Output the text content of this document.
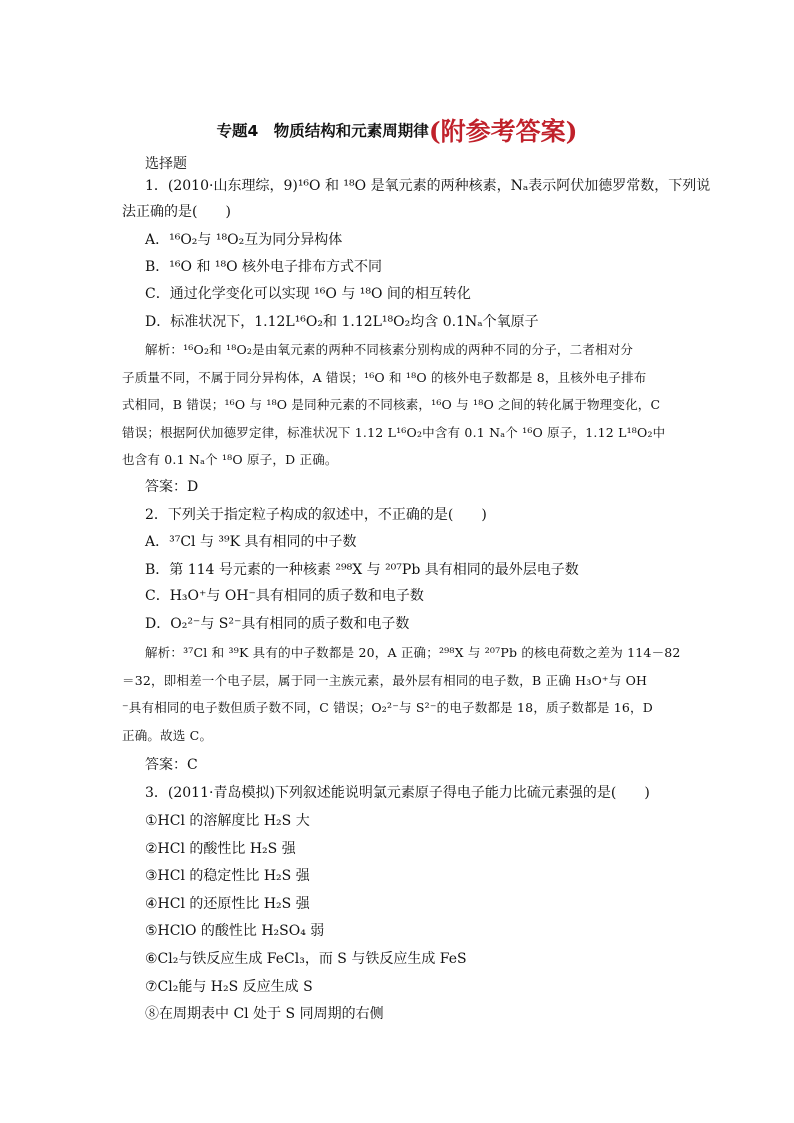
专题4　物质结构和元素周期律(附参考答案)
选择题
1．(2010·山东理综，9)¹⁶O 和 ¹⁸O 是氧元素的两种核素，Nₐ表示阿伏加德罗常数，下列说
法正确的是(　　)
A．¹⁶O₂与 ¹⁸O₂互为同分异构体
B．¹⁶O 和 ¹⁸O 核外电子排布方式不同
C．通过化学变化可以实现 ¹⁶O 与 ¹⁸O 间的相互转化
D．标准状况下，1.12L¹⁶O₂和 1.12L¹⁸O₂均含 0.1Nₐ个氧原子
解析：¹⁶O₂和 ¹⁸O₂是由氧元素的两种不同核素分别构成的两种不同的分子，二者相对分
子质量不同，不属于同分异构体，A 错误；¹⁶O 和 ¹⁸O 的核外电子数都是 8，且核外电子排布
式相同，B 错误；¹⁶O 与 ¹⁸O 是同种元素的不同核素，¹⁶O 与 ¹⁸O 之间的转化属于物理变化，C
错误；根据阿伏加德罗定律，标准状况下 1.12 L¹⁶O₂中含有 0.1 Nₐ个 ¹⁶O 原子，1.12 L¹⁸O₂中
也含有 0.1 Nₐ个 ¹⁸O 原子，D 正确。
答案：D
2．下列关于指定粒子构成的叙述中，不正确的是(　　)
A．³⁷Cl 与 ³⁹K 具有相同的中子数
B．第 114 号元素的一种核素 ²⁹⁸X 与 ²⁰⁷Pb 具有相同的最外层电子数
C．H₃O⁺与 OH⁻具有相同的质子数和电子数
D．O₂²⁻与 S²⁻具有相同的质子数和电子数
解析：³⁷Cl 和 ³⁹K 具有的中子数都是 20，A 正确；²⁹⁸X 与 ²⁰⁷Pb 的核电荷数之差为 114－82
＝32，即相差一个电子层，属于同一主族元素，最外层有相同的电子数，B 正确 H₃O⁺与 OH
⁻具有相同的电子数但质子数不同，C 错误；O₂²⁻与 S²⁻的电子数都是 18，质子数都是 16，D
正确。故选 C。
答案：C
3．(2011·青岛模拟)下列叙述能说明氯元素原子得电子能力比硫元素强的是(　　)
①HCl 的溶解度比 H₂S 大
②HCl 的酸性比 H₂S 强
③HCl 的稳定性比 H₂S 强
④HCl 的还原性比 H₂S 强
⑤HClO 的酸性比 H₂SO₄ 弱
⑥Cl₂与铁反应生成 FeCl₃，而 S 与铁反应生成 FeS
⑦Cl₂能与 H₂S 反应生成 S
⑧在周期表中 Cl 处于 S 同周期的右侧
